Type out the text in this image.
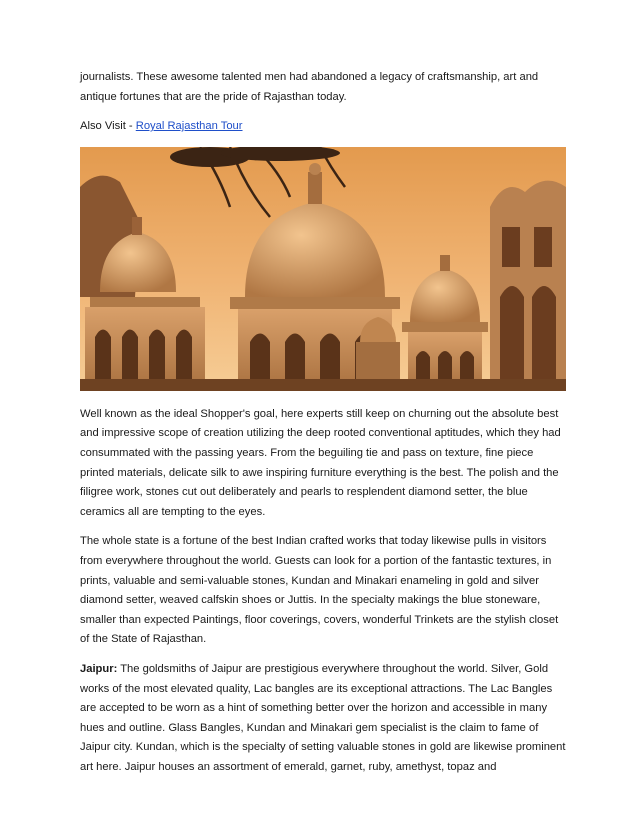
journalists. These awesome talented men had abandoned a legacy of craftsmanship, art and antique fortunes that are the pride of Rajasthan today.

Also Visit - Royal Rajasthan Tour

Well known as the ideal Shopper's goal, here experts still keep on churning out the absolute best and impressive scope of creation utilizing the deep rooted conventional aptitudes, which they had consummated with the passing years. From the beguiling tie and pass on texture, fine piece printed materials, delicate silk to awe inspiring furniture everything is the best. The polish and the filigree work, stones cut out deliberately and pearls to resplendent diamond setter, the blue ceramics all are tempting to the eyes.

The whole state is a fortune of the best Indian crafted works that today likewise pulls in visitors from everywhere throughout the world. Guests can look for a portion of the fantastic textures, in prints, valuable and semi-valuable stones, Kundan and Minakari enameling in gold and silver diamond setter, weaved calfskin shoes or Juttis. In the specialty makings the blue stoneware, smaller than expected Paintings, floor coverings, covers, wonderful Trinkets are the stylish closet of the State of Rajasthan.

Jaipur: The goldsmiths of Jaipur are prestigious everywhere throughout the world. Silver, Gold works of the most elevated quality, Lac bangles are its exceptional attractions. The Lac Bangles are accepted to be worn as a hint of something better over the horizon and accessible in many hues and outline. Glass Bangles, Kundan and Minakari gem specialist is the claim to fame of Jaipur city. Kundan, which is the specialty of setting valuable stones in gold are likewise prominent art here. Jaipur houses an assortment of emerald, garnet, ruby, amethyst, topaz and
